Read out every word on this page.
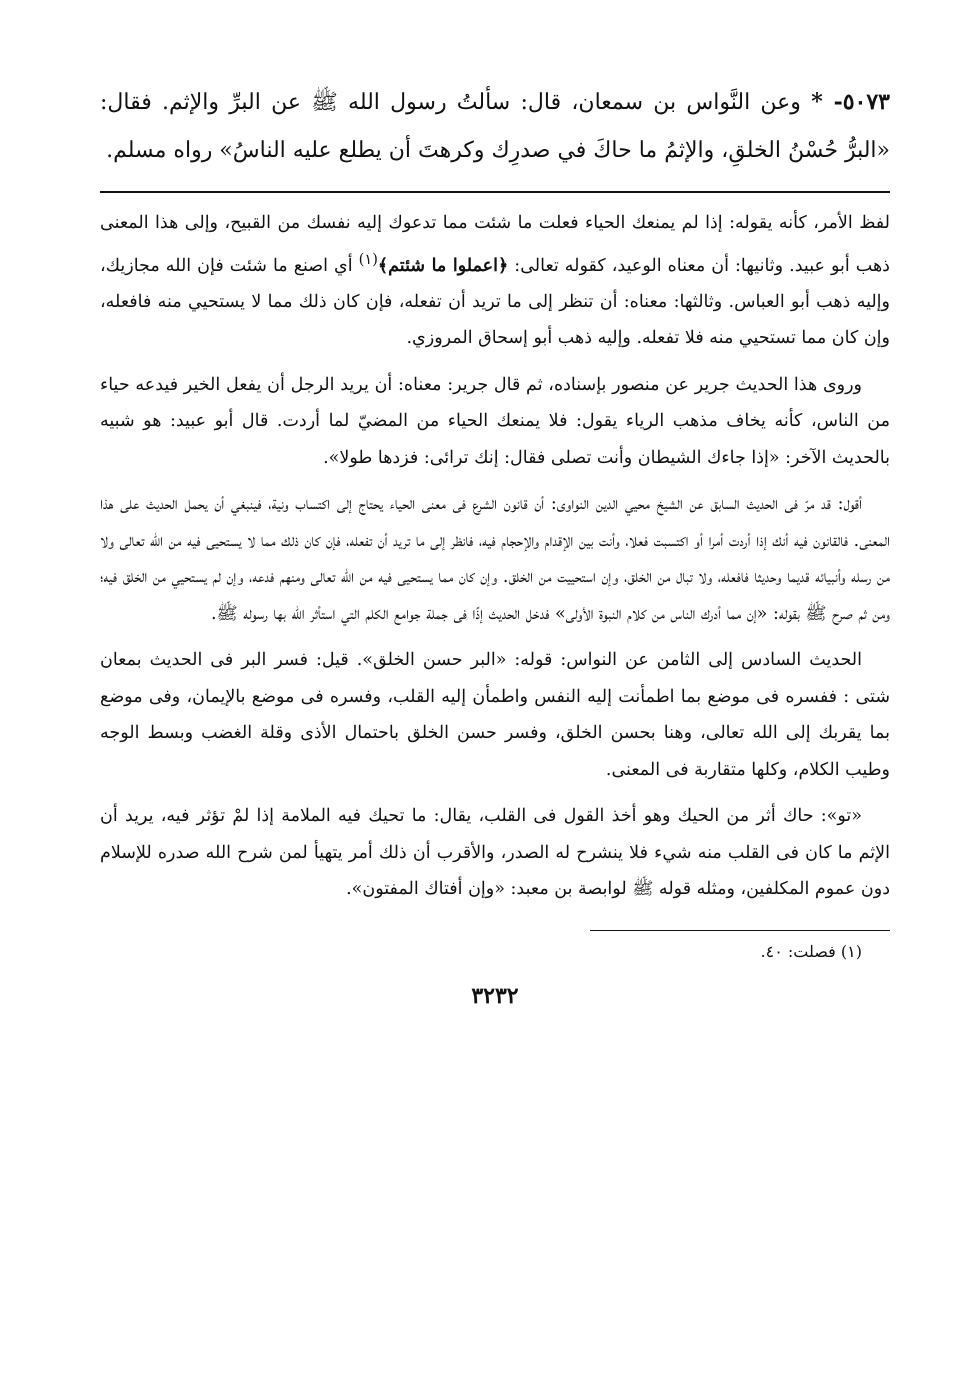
٥٠٧٣- * وعن النَّواس بن سمعان، قال: سألتُ رسول الله ﷺ عن البرِّ والإثم. فقال: «البرُّ حُسْنُ الخلقِ، والإثمُ ما حاكَ في صدرِك وكرهتَ أن يطلع عليه الناسُ» رواه مسلم.

لفظ الأمر، كأنه يقوله: إذا لم يمنعك الحياء فعلت ما شئت مما تدعوك إليه نفسك من القبيح، وإلى هذا المعنى ذهب أبو عبيد. وثانيها: أن معناه الوعيد، كقوله تعالى: ﴿اعملوا ما شئتم﴾$^{(١)}$ أي اصنع ما شئت فإن الله مجازيك، وإليه ذهب أبو العباس. وثالثها: معناه: أن تنظر إلى ما تريد أن تفعله، فإن كان ذلك مما لا يستحيي منه فافعله، وإن كان مما تستحيي منه فلا تفعله. وإليه ذهب أبو إسحاق المروزي.

وروى هذا الحديث جرير عن منصور بإسناده، ثم قال جرير: معناه: أن يريد الرجل أن يفعل الخير فيدعه حياء من الناس، كأنه يخاف مذهب الرياء يقول: فلا يمنعك الحياء من المضيّ لما أردت. قال أبو عبيد: هو شبيه بالحديث الآخر: «إذا جاءك الشيطان وأنت تصلى فقال: إنك ترائى: فزدها طولا».

أقول: قد مرّ فى الحديث السابق عن الشيخ محيي الدين النواوى: أن قانون الشرع فى معنى الحياء يحتاج إلى اكتساب ونية، فينبغي أن يحمل الحديث على هذا المعنى. فالقانون فيه أنك إذا أردت أمرا أو اكتسبت فعلا، وأنت بين الإقدام والإحجام فيه، فانظر إلى ما تريد أن تفعله، فإن كان ذلك مما لا يستحيى فيه من الله تعالى ولا من رسله وأنبيائه قديما وحديثا فافعله، ولا تبال من الخلق، وإن استحييت من الخلق. وإن كان مما يستحيى فيه من الله تعالى ومنهم فدعه، وإن لم يستحيي من الخلق فيه؛ ومن ثم صرح ﷺ بقوله: «إن مما أدرك الناس من كلام النبوة الأولى» فدخل الحديث إذًا فى جملة جوامع الكلم التي استأثر الله بها رسوله ﷺ.

الحديث السادس إلى الثامن عن النواس: قوله: «البر حسن الخلق». قيل: فسر البر فى الحديث بمعان شتى : ففسره فى موضع بما اطمأنت إليه النفس واطمأن إليه القلب، وفسره فى موضع بالإيمان، وفى موضع بما يقربك إلى الله تعالى، وهنا بحسن الخلق، وفسر حسن الخلق باحتمال الأذى وقلة الغضب وبسط الوجه وطيب الكلام، وكلها متقاربة فى المعنى.

«تو»: حاك أثر من الحيك وهو أخذ القول فى القلب، يقال: ما تحيك فيه الملامة إذا لمْ تؤثر فيه، يريد أن الإثم ما كان فى القلب منه شيء فلا ينشرح له الصدر، والأقرب أن ذلك أمر يتهيأ لمن شرح الله صدره للإسلام دون عموم المكلفين، ومثله قوله ﷺ لوابصة بن معبد: «وإن أفتاك المفتون».

(١) فصلت: ٤٠.

٣٢٣٢
